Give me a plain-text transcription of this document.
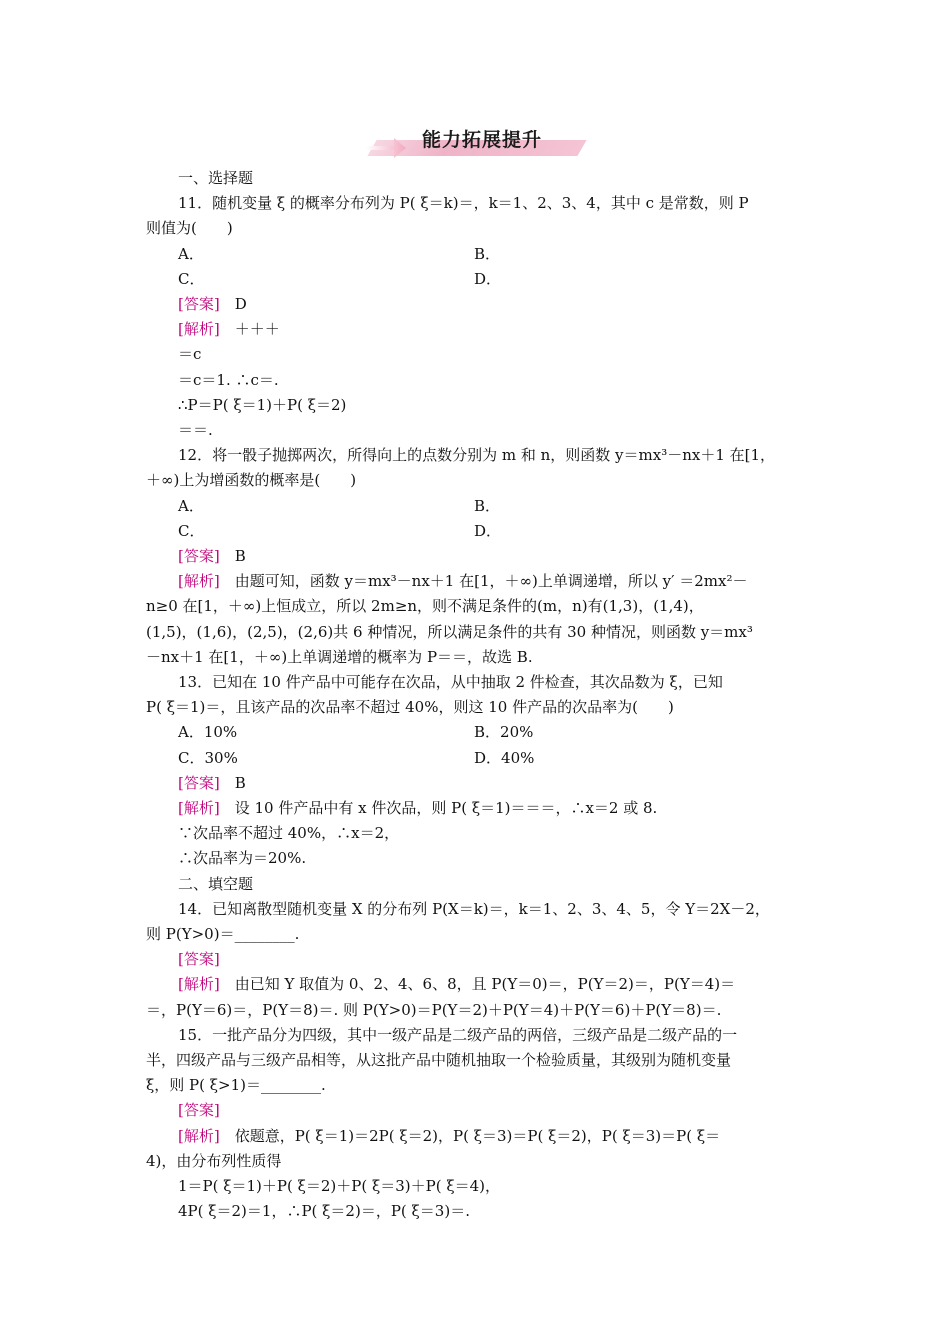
能力拓展提升
一、选择题
11．随机变量 ξ 的概率分布列为 P( ξ＝k)＝，k＝1、2、3、4，其中 c 是常数，则 P
则值为(　　)
A．	B．
C．	D．
[答案]　D
[解析]　＋＋＋
＝c
＝c＝1. ∴c＝.
∴P＝P( ξ＝1)＋P( ξ＝2)
＝＝.
12．将一骰子抛掷两次，所得向上的点数分别为 m 和 n，则函数 y＝mx³－nx＋1 在[1，
＋∞)上为增函数的概率是(　　)
A．	B．
C．	D．
[答案]　B
[解析]　由题可知，函数 y＝mx³－nx＋1 在[1，＋∞)上单调递增，所以 y′ ＝2mx²－
n≥0 在[1，＋∞)上恒成立，所以 2m≥n，则不满足条件的(m，n)有(1,3)，(1,4)，
(1,5)，(1,6)，(2,5)，(2,6)共 6 种情况，所以满足条件的共有 30 种情况，则函数 y＝mx³
－nx＋1 在[1，＋∞)上单调递增的概率为 P＝＝，故选 B.
13．已知在 10 件产品中可能存在次品，从中抽取 2 件检查，其次品数为 ξ，已知
P( ξ＝1)＝，且该产品的次品率不超过 40%，则这 10 件产品的次品率为(　　)
A．10%	B．20%
C．30%	D．40%
[答案]　B
[解析]　设 10 件产品中有 x 件次品，则 P( ξ＝1)＝＝＝，∴x＝2 或 8.
∵次品率不超过 40%，∴x＝2，
∴次品率为＝20%.
二、填空题
14．已知离散型随机变量 X 的分布列 P(X＝k)＝，k＝1、2、3、4、5，令 Y＝2X－2，
则 P(Y>0)＝________.
[答案]
[解析]　由已知 Y 取值为 0、2、4、6、8，且 P(Y＝0)＝，P(Y＝2)＝，P(Y＝4)＝
＝，P(Y＝6)＝，P(Y＝8)＝. 则 P(Y>0)＝P(Y＝2)＋P(Y＝4)＋P(Y＝6)＋P(Y＝8)＝.
15．一批产品分为四级，其中一级产品是二级产品的两倍，三级产品是二级产品的一
半，四级产品与三级产品相等，从这批产品中随机抽取一个检验质量，其级别为随机变量
ξ，则 P( ξ>1)＝________.
[答案]
[解析]　依题意，P( ξ＝1)＝2P( ξ＝2)，P( ξ＝3)＝P( ξ＝2)，P( ξ＝3)＝P( ξ＝
4)，由分布列性质得
1＝P( ξ＝1)＋P( ξ＝2)＋P( ξ＝3)＋P( ξ＝4)，
4P( ξ＝2)＝1，∴P( ξ＝2)＝，P( ξ＝3)＝.
